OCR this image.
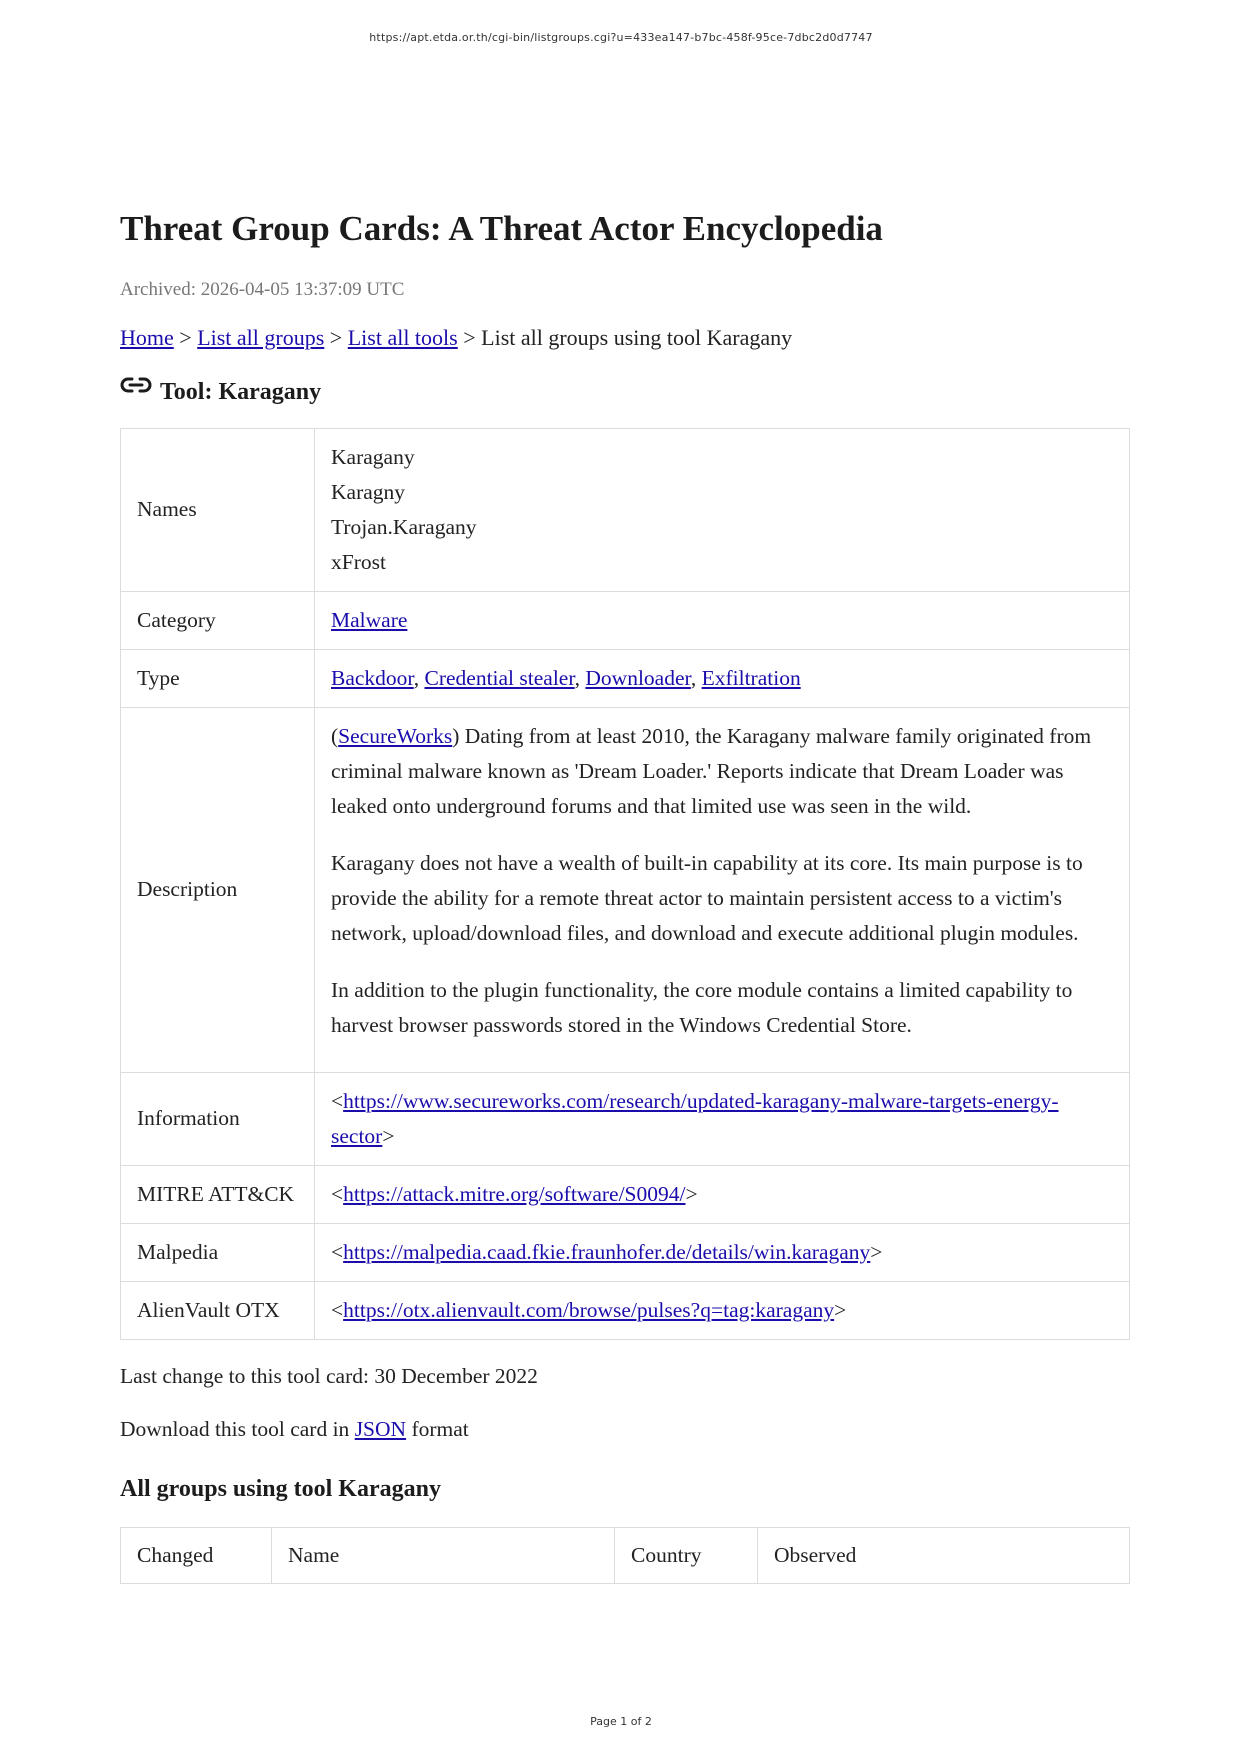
https://apt.etda.or.th/cgi-bin/listgroups.cgi?u=433ea147-b7bc-458f-95ce-7dbc2d0d7747
Threat Group Cards: A Threat Actor Encyclopedia
Archived: 2026-04-05 13:37:09 UTC
Home > List all groups > List all tools > List all groups using tool Karagany
Tool: Karagany
Names	Karagany
Karagny
Trojan.Karagany
xFrost

Category	Malware
Type	Backdoor, Credential stealer, Downloader, Exfiltration
Description	(SecureWorks) Dating from at least 2010, the Karagany malware family originated from criminal malware known as 'Dream Loader.' Reports indicate that Dream Loader was leaked onto underground forums and that limited use was seen in the wild.

Karagany does not have a wealth of built-in capability at its core. Its main purpose is to provide the ability for a remote threat actor to maintain persistent access to a victim's network, upload/download files, and download and execute additional plugin modules.

In addition to the plugin functionality, the core module contains a limited capability to harvest browser passwords stored in the Windows Credential Store.

Information	<https://www.secureworks.com/research/updated-karagany-malware-targets-energy-sector>
MITRE ATT&CK	<https://attack.mitre.org/software/S0094/>
Malpedia	<https://malpedia.caad.fkie.fraunhofer.de/details/win.karagany>
AlienVault OTX	<https://otx.alienvault.com/browse/pulses?q=tag:karagany>
Last change to this tool card: 30 December 2022
Download this tool card in JSON format
All groups using tool Karagany
Changed	Name	Country	Observed
Page 1 of 2
